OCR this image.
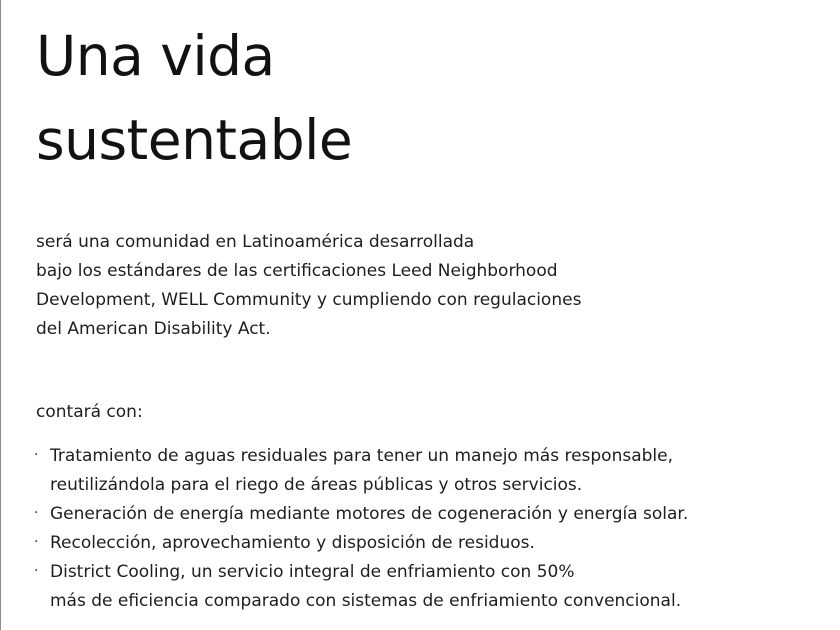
Una vida
sustentable

será una comunidad en Latinoamérica desarrollada
bajo los estándares de las certificaciones Leed Neighborhood
Development, WELL Community y cumpliendo con regulaciones
del American Disability Act.

contará con:

· Tratamiento de aguas residuales para tener un manejo más responsable,
reutilizándola para el riego de áreas públicas y otros servicios.
· Generación de energía mediante motores de cogeneración y energía solar.
· Recolección, aprovechamiento y disposición de residuos.
· District Cooling, un servicio integral de enfriamiento con 50%
más de eficiencia comparado con sistemas de enfriamiento convencional.
